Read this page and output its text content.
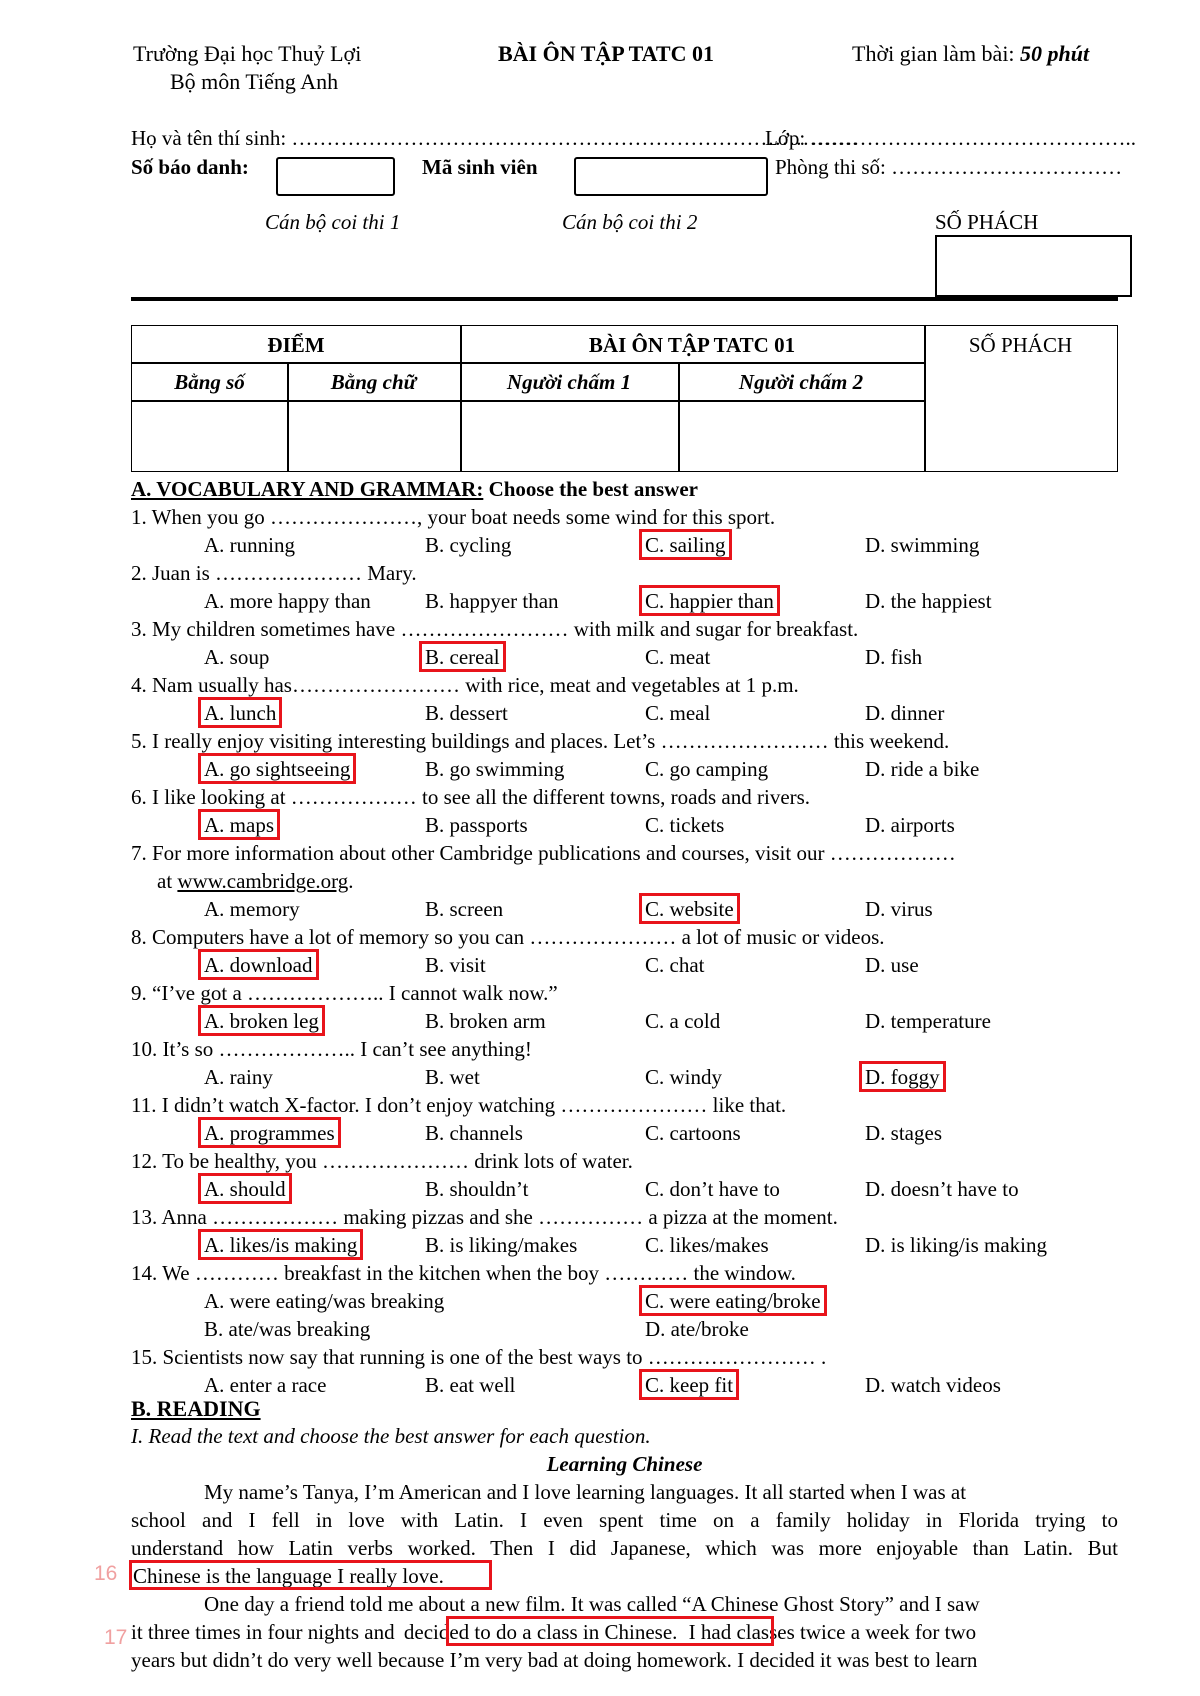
Trường Đại học Thuỷ Lợi
Bộ môn Tiếng Anh
BÀI ÔN TẬP TATC 01	Thời gian làm bài: 50 phút
Họ và tên thí sinh: ………………………………………………………………………
Lớp: ………………………………………..
Số báo danh:	Mã sinh viên	Phòng thi số: ……………………………
Cán bộ coi thi 1	Cán bộ coi thi 2	SỐ PHÁCH
ĐIỂM	BÀI ÔN TẬP TATC 01	SỐ PHÁCH
Bằng số	Bằng chữ	Người chấm 1	Người chấm 2
A. VOCABULARY AND GRAMMAR: Choose the best answer
1. When you go …………………, your boat needs some wind for this sport.
A. running	B. cycling	C. sailing	D. swimming
2. Juan is ………………… Mary.
A. more happy than	B. happyer than	C. happier than	D. the happiest
3. My children sometimes have …………………… with milk and sugar for breakfast.
A. soup	B. cereal	C. meat	D. fish
4. Nam usually has…………………… with rice, meat and vegetables at 1 p.m.
A. lunch	B. dessert	C. meal	D. dinner
5. I really enjoy visiting interesting buildings and places. Let’s …………………… this weekend.
A. go sightseeing	B. go swimming	C. go camping	D. ride a bike
6. I like looking at ……………… to see all the different towns, roads and rivers.
A. maps	B. passports	C. tickets	D. airports
7. For more information about other Cambridge publications and courses, visit our ………………
at www.cambridge.org.
A. memory	B. screen	C. website	D. virus
8. Computers have a lot of memory so you can ………………… a lot of music or videos.
A. download	B. visit	C. chat	D. use
9. “I’ve got a ……………….. I cannot walk now.”
A. broken leg	B. broken arm	C. a cold	D. temperature
10. It’s so ……………….. I can’t see anything!
A. rainy	B. wet	C. windy	D. foggy
11. I didn’t watch X-factor. I don’t enjoy watching ………………… like that.
A. programmes	B. channels	C. cartoons	D. stages
12. To be healthy, you ………………… drink lots of water.
A. should	B. shouldn’t	C. don’t have to	D. doesn’t have to
13. Anna ……………… making pizzas and she …………… a pizza at the moment.
A. likes/is making	B. is liking/makes	C. likes/makes	D. is liking/is making
14. We ………… breakfast in the kitchen when the boy ………… the window.
A. were eating/was breaking	C. were eating/broke
B. ate/was breaking	D. ate/broke
15. Scientists now say that running is one of the best ways to …………………… .
A. enter a race	B. eat well	C. keep fit	D. watch videos
B. READING
I. Read the text and choose the best answer for each question.
Learning Chinese
My name’s Tanya, I’m American and I love learning languages. It all started when I was at
school and I fell in love with Latin. I even spent time on a family holiday in Florida trying to
understand how Latin verbs worked. Then I did Japanese, which was more enjoyable than Latin. But
Chinese is the language I really love.
16
One day a friend told me about a new film. It was called “A Chinese Ghost Story” and I saw
it three times in four nights and decided to do a class in Chinese. I had classes twice a week for two
17
years but didn’t do very well because I’m very bad at doing homework. I decided it was best to learn
